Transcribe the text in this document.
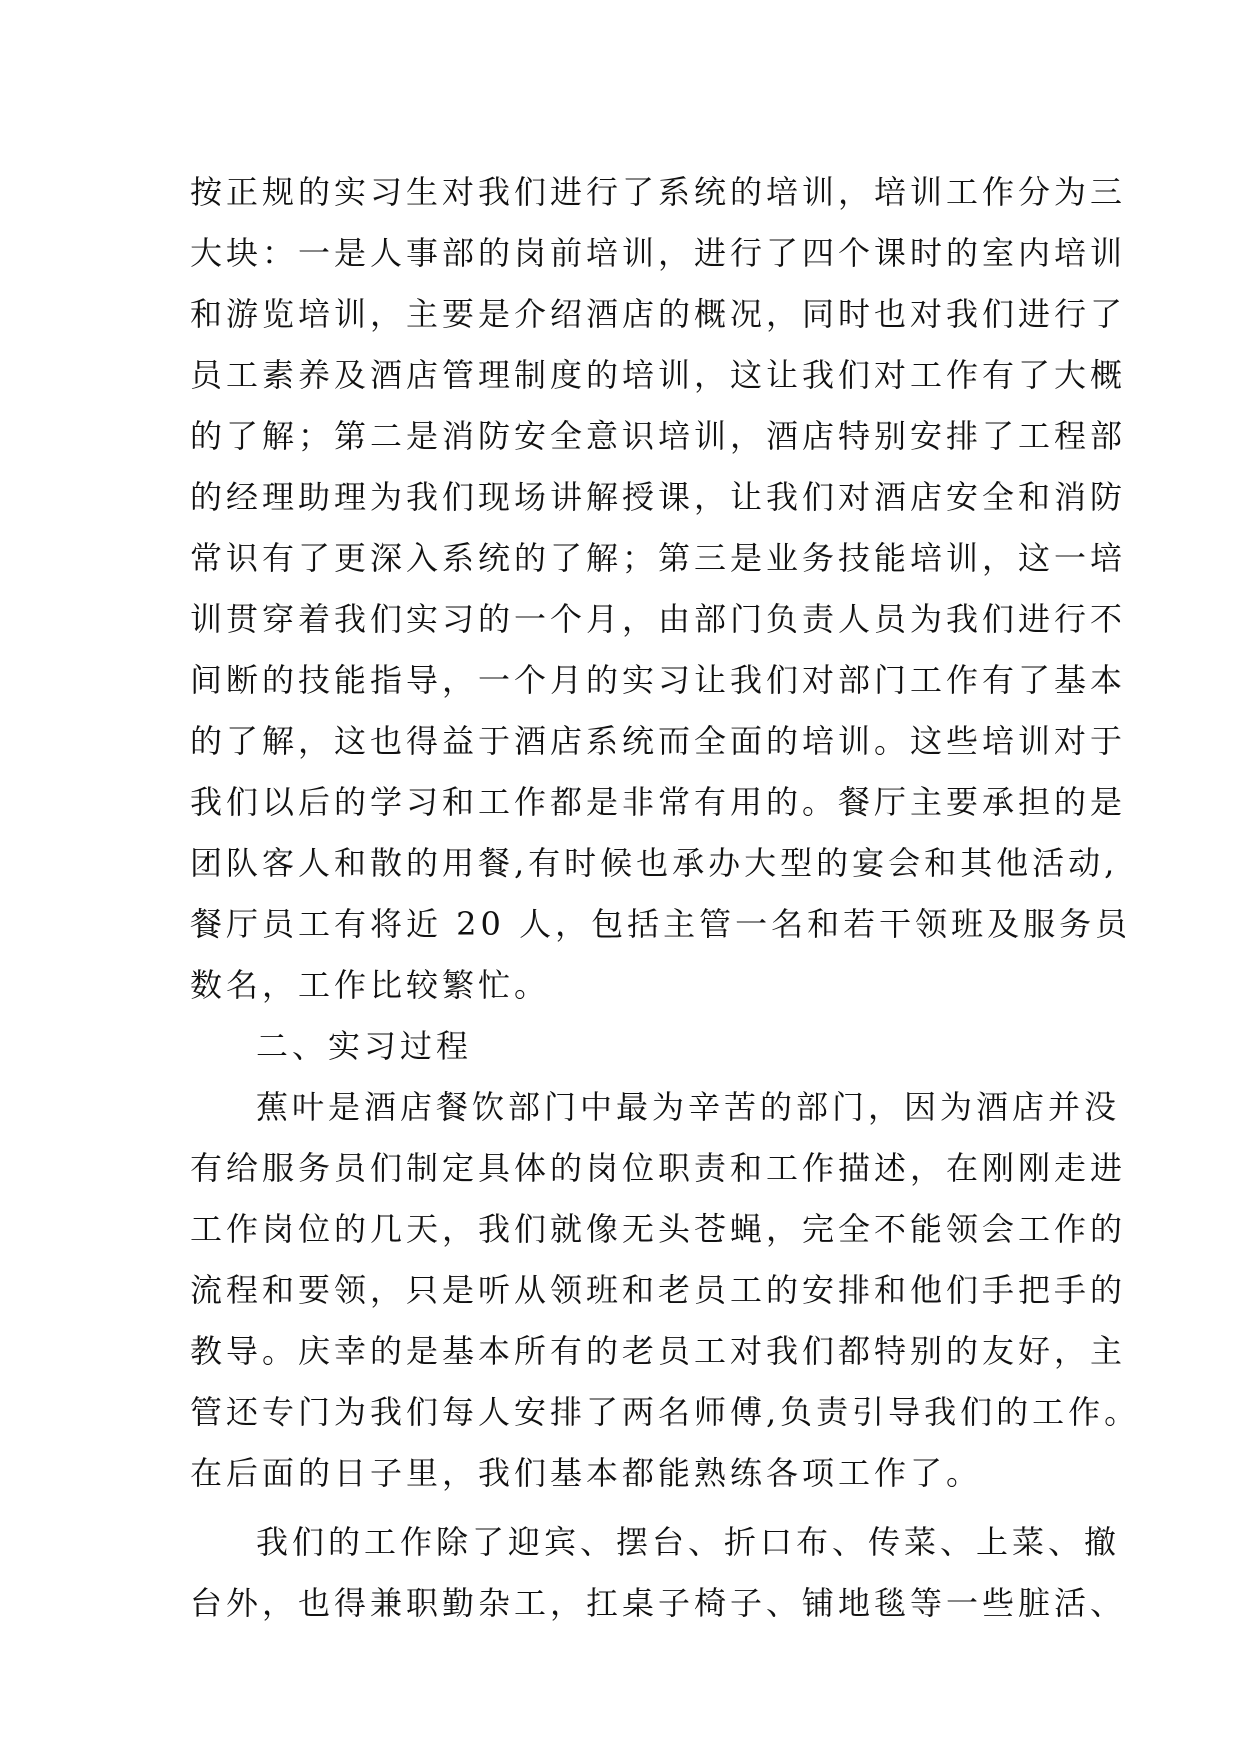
按正规的实习生对我们进行了系统的培训，培训工作分为三
大块：一是人事部的岗前培训，进行了四个课时的室内培训
和游览培训，主要是介绍酒店的概况，同时也对我们进行了
员工素养及酒店管理制度的培训，这让我们对工作有了大概
的了解；第二是消防安全意识培训，酒店特别安排了工程部
的经理助理为我们现场讲解授课，让我们对酒店安全和消防
常识有了更深入系统的了解；第三是业务技能培训，这一培
训贯穿着我们实习的一个月，由部门负责人员为我们进行不
间断的技能指导，一个月的实习让我们对部门工作有了基本
的了解，这也得益于酒店系统而全面的培训。这些培训对于
我们以后的学习和工作都是非常有用的。餐厅主要承担的是
团队客人和散的用餐,有时候也承办大型的宴会和其他活动,
餐厅员工有将近 20 人，包括主管一名和若干领班及服务员
数名，工作比较繁忙。
二、实习过程
蕉叶是酒店餐饮部门中最为辛苦的部门，因为酒店并没
有给服务员们制定具体的岗位职责和工作描述，在刚刚走进
工作岗位的几天，我们就像无头苍蝇，完全不能领会工作的
流程和要领，只是听从领班和老员工的安排和他们手把手的
教导。庆幸的是基本所有的老员工对我们都特别的友好，主
管还专门为我们每人安排了两名师傅,负责引导我们的工作。
在后面的日子里，我们基本都能熟练各项工作了。
我们的工作除了迎宾、摆台、折口布、传菜、上菜、撤
台外，也得兼职勤杂工，扛桌子椅子、铺地毯等一些脏活、
